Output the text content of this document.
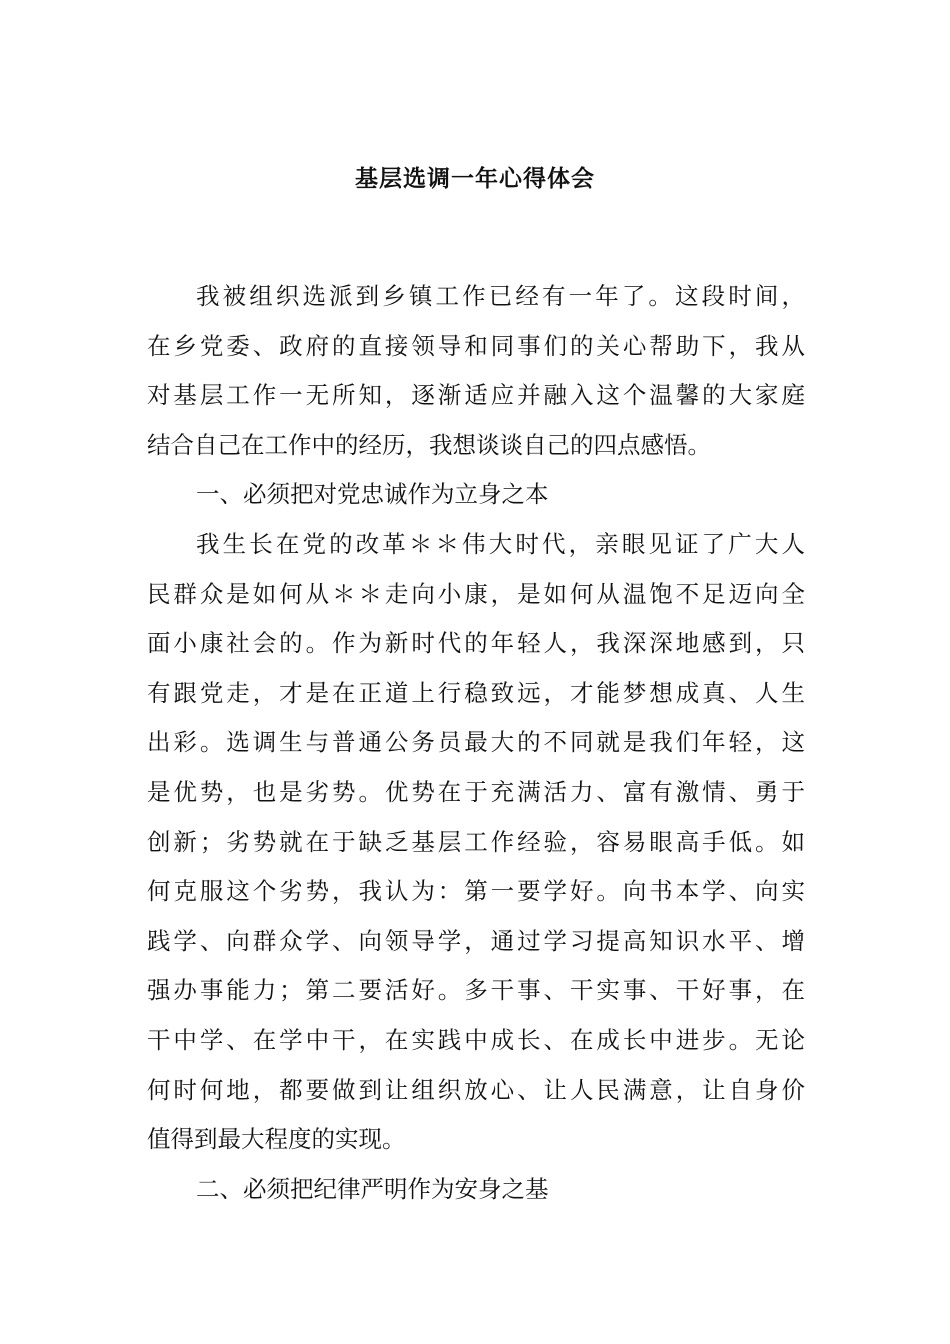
基层选调一年心得体会
我被组织选派到乡镇工作已经有一年了。这段时间，
在乡党委、政府的直接领导和同事们的关心帮助下，我从
对基层工作一无所知，逐渐适应并融入这个温馨的大家庭
结合自己在工作中的经历，我想谈谈自己的四点感悟。
一、必须把对党忠诚作为立身之本
我生长在党的改革＊＊伟大时代，亲眼见证了广大人
民群众是如何从＊＊走向小康，是如何从温饱不足迈向全
面小康社会的。作为新时代的年轻人，我深深地感到，只
有跟党走，才是在正道上行稳致远，才能梦想成真、人生
出彩。选调生与普通公务员最大的不同就是我们年轻，这
是优势，也是劣势。优势在于充满活力、富有激情、勇于
创新；劣势就在于缺乏基层工作经验，容易眼高手低。如
何克服这个劣势，我认为：第一要学好。向书本学、向实
践学、向群众学、向领导学，通过学习提高知识水平、增
强办事能力；第二要活好。多干事、干实事、干好事，在
干中学、在学中干，在实践中成长、在成长中进步。无论
何时何地，都要做到让组织放心、让人民满意，让自身价
值得到最大程度的实现。
二、必须把纪律严明作为安身之基
